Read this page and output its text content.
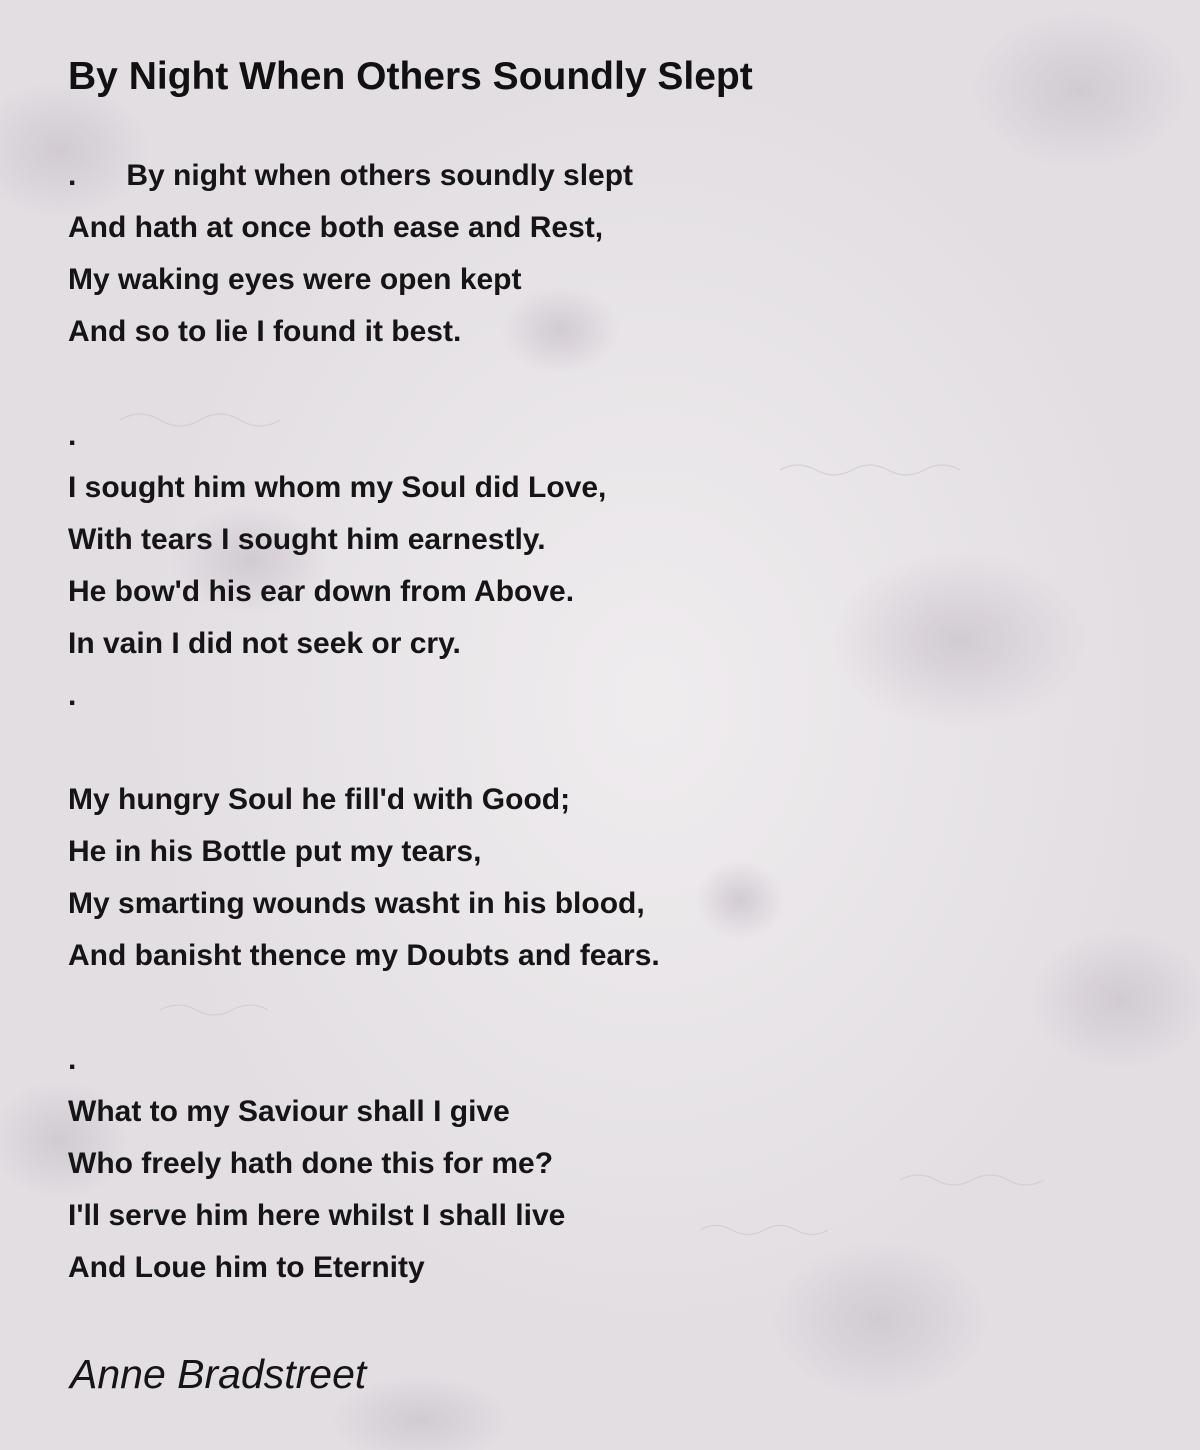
By Night When Others Soundly Slept
.      By night when others soundly slept
And hath at once both ease and Rest,
My waking eyes were open kept
And so to lie I found it best.
.
I sought him whom my Soul did Love,
With tears I sought him earnestly.
He bow'd his ear down from Above.
In vain I did not seek or cry.
.
My hungry Soul he fill'd with Good;
He in his Bottle put my tears,
My smarting wounds washt in his blood,
And banisht thence my Doubts and fears.
.
What to my Saviour shall I give
Who freely hath done this for me?
I'll serve him here whilst I shall live
And Loue him to Eternity
Anne Bradstreet
